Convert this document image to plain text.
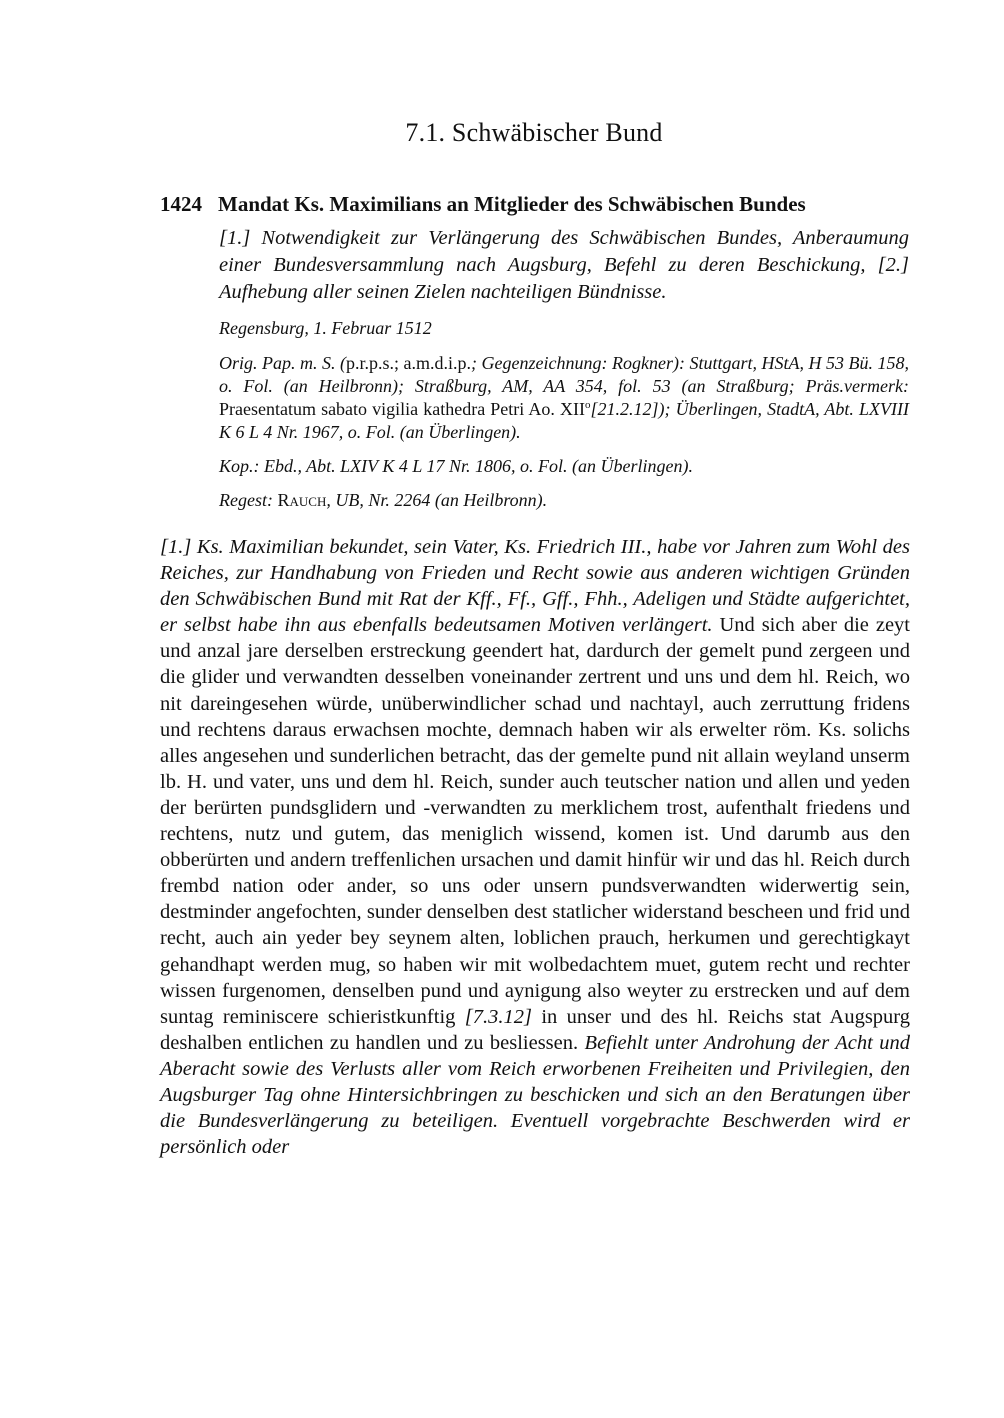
7.1. Schwäbischer Bund
1424 Mandat Ks. Maximilians an Mitglieder des Schwäbischen Bundes

[1.] Notwendigkeit zur Verlängerung des Schwäbischen Bundes, Anberaumung einer Bundesversammlung nach Augsburg, Befehl zu deren Beschickung, [2.] Aufhebung aller seinen Zielen nachteiligen Bündnisse.

Regensburg, 1. Februar 1512

Orig. Pap. m. S. (p.r.p.s.; a.m.d.i.p.; Gegenzeichnung: Rogkner): Stuttgart, HStA, H 53 Bü. 158, o. Fol. (an Heilbronn); Straßburg, AM, AA 354, fol. 53 (an Straßburg; Präs.vermerk: Praesentatum sabato vigilia kathedra Petri Ao. XII$^o$[21.2.12]); Überlingen, StadtA, Abt. LXVIII K 6 L 4 Nr. 1967, o. Fol. (an Überlingen).

Kop.: Ebd., Abt. LXIV K 4 L 17 Nr. 1806, o. Fol. (an Überlingen).

Regest: Rauch, UB, Nr. 2264 (an Heilbronn).

[1.] Ks. Maximilian bekundet, sein Vater, Ks. Friedrich III., habe vor Jahren zum Wohl des Reiches, zur Handhabung von Frieden und Recht sowie aus anderen wichtigen Gründen den Schwäbischen Bund mit Rat der Kff., Ff., Gff., Fhh., Adeligen und Städte aufgerichtet, er selbst habe ihn aus ebenfalls bedeutsamen Motiven verlängert. Und sich aber die zeyt und anzal jare derselben erstreckung geendert hat, dardurch der gemelt pund zergeen und die glider und verwandten desselben voneinander zertrent und uns und dem hl. Reich, wo nit dareingesehen würde, unüberwindlicher schad und nachtayl, auch zerruttung fridens und rechtens daraus erwachsen mochte, demnach haben wir als erwelter röm. Ks. solichs alles angesehen und sunderlichen betracht, das der gemelte pund nit allain weyland unserm lb. H. und vater, uns und dem hl. Reich, sunder auch teutscher nation und allen und yeden der berürten pundsglidern und -verwandten zu merklichem trost, aufenthalt friedens und rechtens, nutz und gutem, das meniglich wissend, komen ist. Und darumb aus den obberürten und andern treffenlichen ursachen und damit hinfür wir und das hl. Reich durch frembd nation oder ander, so uns oder unsern pundsverwandten widerwertig sein, destminder angefochten, sunder denselben dest statlicher widerstand bescheen und frid und recht, auch ain yeder bey seynem alten, loblichen prauch, herkumen und gerechtigkayt gehandhapt werden mug, so haben wir mit wolbedachtem muet, gutem recht und rechter wissen furgenomen, denselben pund und aynigung also weyter zu erstrecken und auf dem suntag reminiscere schieristkunftig [7.3.12] in unser und des hl. Reichs stat Augspurg deshalben entlichen zu handlen und zu besliessen. Befiehlt unter Androhung der Acht und Aberacht sowie des Verlusts aller vom Reich erworbenen Freiheiten und Privilegien, den Augsburger Tag ohne Hintersichbringen zu beschicken und sich an den Beratungen über die Bundesverlängerung zu beteiligen. Eventuell vorgebrachte Beschwerden wird er persönlich oder
